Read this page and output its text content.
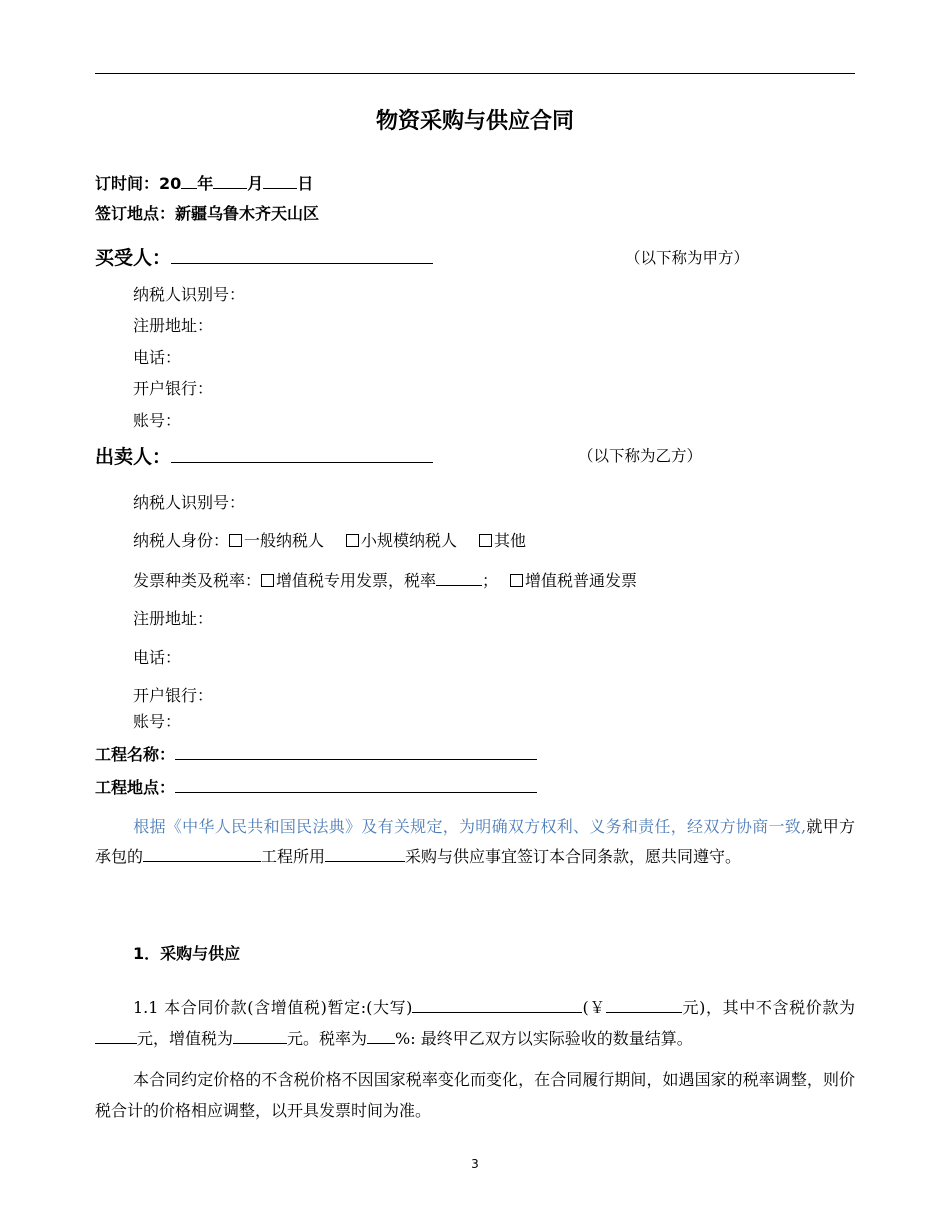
物资采购与供应合同
订时间：20 年 月 日
签订地点：新疆乌鲁木齐天山区
买受人：	（以下称为甲方）
纳税人识别号：
注册地址：
电话：
开户银行：
账号：
出卖人：	（以下称为乙方）
纳税人识别号：
纳税人身份： 一般纳税人 小规模纳税人 其他
发票种类及税率： 增值税专用发票，税率	； 增值税普通发票
注册地址：
电话：
开户银行：
账号：
工程名称：
工程地点：
根据《中华人民共和国民法典》及有关规定，为明确双方权利、义务和责任，经双方协商一致,就甲方承包的	工程所用	采购与供应事宜签订本合同条款，愿共同遵守。
1．采购与供应
1.1 本合同价款(含增值税)暂定:(大写)	(￥	元)，其中不含税价款为元，增值税为	元。税率为 %: 最终甲乙双方以实际验收的数量结算。
本合同约定价格的不含税价格不因国家税率变化而变化，在合同履行期间，如遇国家的税率调整，则价税合计的价格相应调整，以开具发票时间为准。
3
